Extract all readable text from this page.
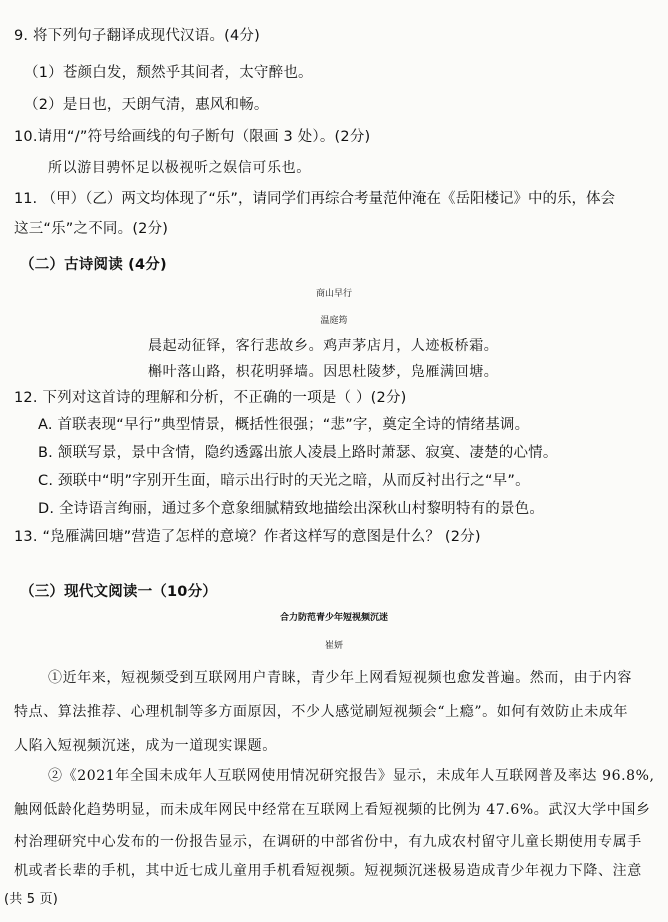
9. 将下列句子翻译成现代汉语。(4分)
（1）苍颜白发，颓然乎其间者，太守醉也。
（2）是日也，天朗气清，惠风和畅。
10.请用“/”符号给画线的句子断句（限画 3 处）。(2分)
所以游目骋怀足以极视听之娱信可乐也。
11. （甲）（乙）两文均体现了“乐”，请同学们再综合考量范仲淹在《岳阳楼记》中的乐，体会
这三“乐”之不同。(2分)
（二）古诗阅读 (4分)
商山早行
温庭筠
晨起动征铎，客行悲故乡。鸡声茅店月，人迹板桥霜。
槲叶落山路，枳花明驿墙。因思杜陵梦，凫雁满回塘。
12. 下列对这首诗的理解和分析，不正确的一项是（ ）(2分)
A. 首联表现“早行”典型情景，概括性很强；“悲”字，奠定全诗的情绪基调。
B. 颔联写景，景中含情，隐约透露出旅人凌晨上路时萧瑟、寂寞、凄楚的心情。
C. 颈联中“明”字别开生面，暗示出行时的天光之暗，从而反衬出行之“早”。
D. 全诗语言绚丽，通过多个意象细腻精致地描绘出深秋山村黎明特有的景色。
13. “凫雁满回塘”营造了怎样的意境？作者这样写的意图是什么？ (2分)
（三）现代文阅读一（10分）
合力防范青少年短视频沉迷
崔妍
①近年来，短视频受到互联网用户青睐，青少年上网看短视频也愈发普遍。然而，由于内容
特点、算法推荐、心理机制等多方面原因，不少人感觉刷短视频会“上瘾”。如何有效防止未成年
人陷入短视频沉迷，成为一道现实课题。
②《2021年全国未成年人互联网使用情况研究报告》显示，未成年人互联网普及率达 96.8%,
触网低龄化趋势明显，而未成年网民中经常在互联网上看短视频的比例为 47.6%。武汉大学中国乡
村治理研究中心发布的一份报告显示，在调研的中部省份中，有九成农村留守儿童长期使用专属手
机或者长辈的手机，其中近七成儿童用手机看短视频。短视频沉迷极易造成青少年视力下降、注意
(共 5 页)
